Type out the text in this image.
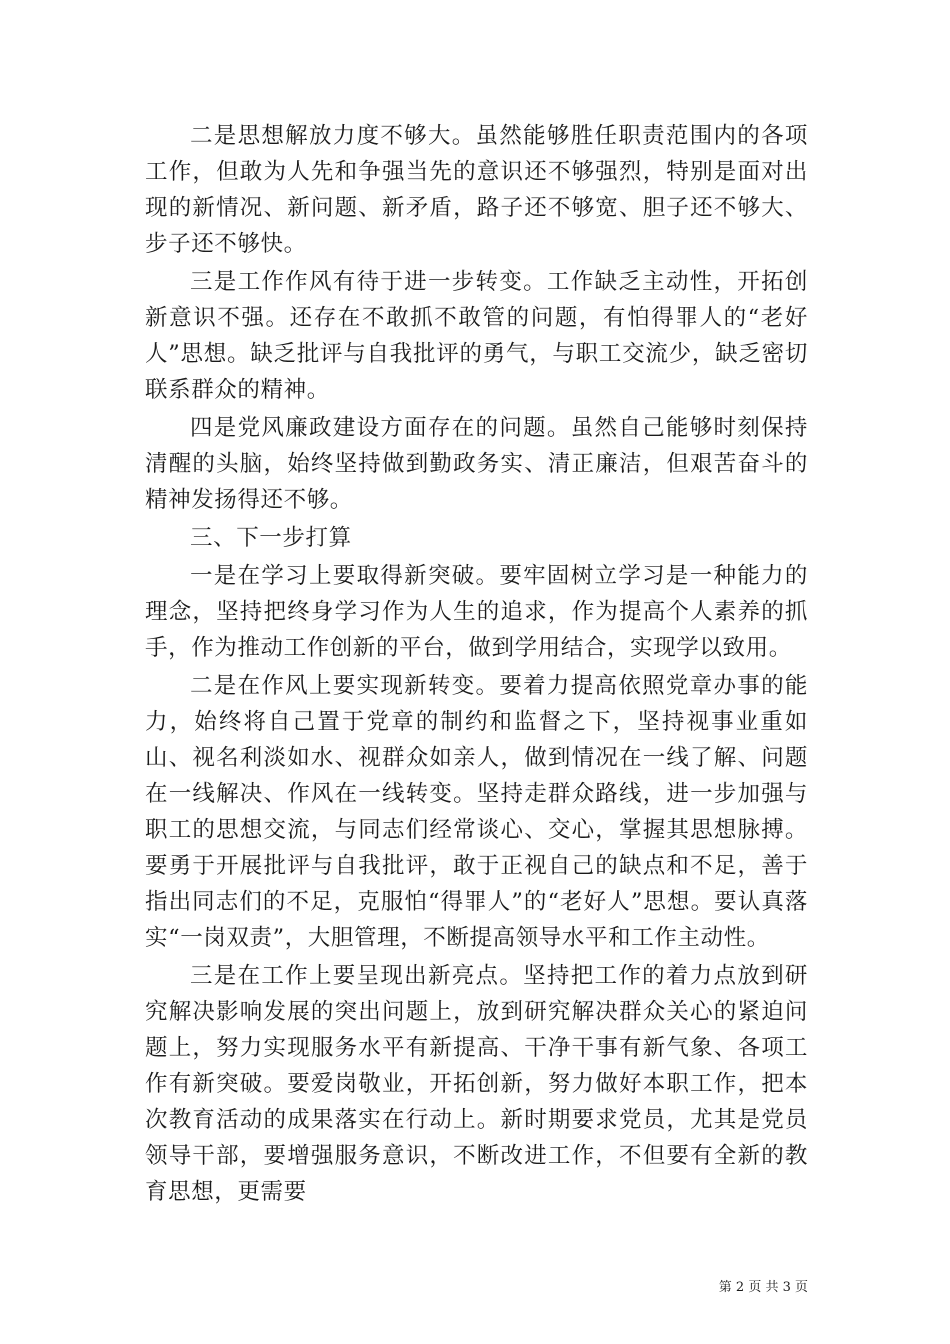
二是思想解放力度不够大。虽然能够胜任职责范围内的各项工作，但敢为人先和争强当先的意识还不够强烈，特别是面对出现的新情况、新问题、新矛盾，路子还不够宽、胆子还不够大、步子还不够快。

三是工作作风有待于进一步转变。工作缺乏主动性，开拓创新意识不强。还存在不敢抓不敢管的问题，有怕得罪人的“老好人”思想。缺乏批评与自我批评的勇气，与职工交流少，缺乏密切联系群众的精神。

四是党风廉政建设方面存在的问题。虽然自己能够时刻保持清醒的头脑，始终坚持做到勤政务实、清正廉洁，但艰苦奋斗的精神发扬得还不够。

三、下一步打算

一是在学习上要取得新突破。要牢固树立学习是一种能力的理念，坚持把终身学习作为人生的追求，作为提高个人素养的抓手，作为推动工作创新的平台，做到学用结合，实现学以致用。

二是在作风上要实现新转变。要着力提高依照党章办事的能力，始终将自己置于党章的制约和监督之下，坚持视事业重如山、视名利淡如水、视群众如亲人，做到情况在一线了解、问题在一线解决、作风在一线转变。坚持走群众路线，进一步加强与职工的思想交流，与同志们经常谈心、交心，掌握其思想脉搏。要勇于开展批评与自我批评，敢于正视自己的缺点和不足，善于指出同志们的不足，克服怕“得罪人”的“老好人”思想。要认真落实“一岗双责”，大胆管理，不断提高领导水平和工作主动性。

三是在工作上要呈现出新亮点。坚持把工作的着力点放到研究解决影响发展的突出问题上，放到研究解决群众关心的紧迫问题上，努力实现服务水平有新提高、干净干事有新气象、各项工作有新突破。要爱岗敬业，开拓创新，努力做好本职工作，把本次教育活动的成果落实在行动上。新时期要求党员，尤其是党员领导干部，要增强服务意识，不断改进工作，不但要有全新的教育思想，更需要

第 2 页 共 3 页
